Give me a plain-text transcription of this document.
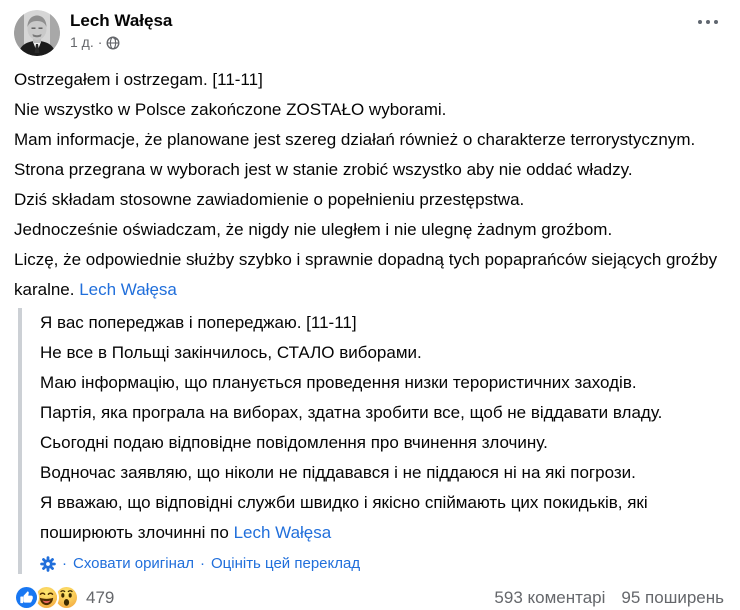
Lech Wałęsa
1 д. ·

Ostrzegałem i ostrzegam. [11-11]

Nie wszystko w Polsce zakończone ZOSTAŁO wyborami.

Mam informacje, że planowane jest szereg działań również o charakterze terrorystycznym.

Strona przegrana w wyborach jest w stanie zrobić wszystko aby nie oddać władzy.

Dziś składam stosowne zawiadomienie o popełnieniu przestępstwa.

Jednocześnie oświadczam, że nigdy nie uległem i nie ulegnę żadnym groźbom.

Liczę, że odpowiednie służby szybko i sprawnie dopadną tych popaprańców siejących groźby karalne. Lech Wałęsa

Я вас попереджав і попереджаю. [11-11]

Не все в Польщі закінчилось, СТАЛО виборами.

Маю інформацію, що планується проведення низки терористичних заходів.

Партія, яка програла на виборах, здатна зробити все, щоб не віддавати владу.

Сьогодні подаю відповідне повідомлення про вчинення злочину.

Водночас заявляю, що ніколи не піддавався і не піддаюся ні на які погрози.

Я вважаю, що відповідні служби швидко і якісно спіймають цих покидьків, які поширюють злочинні по Lech Wałęsa

· Сховати оригінал · Оцініть цей переклад
479	593 коментарі 95 поширень
